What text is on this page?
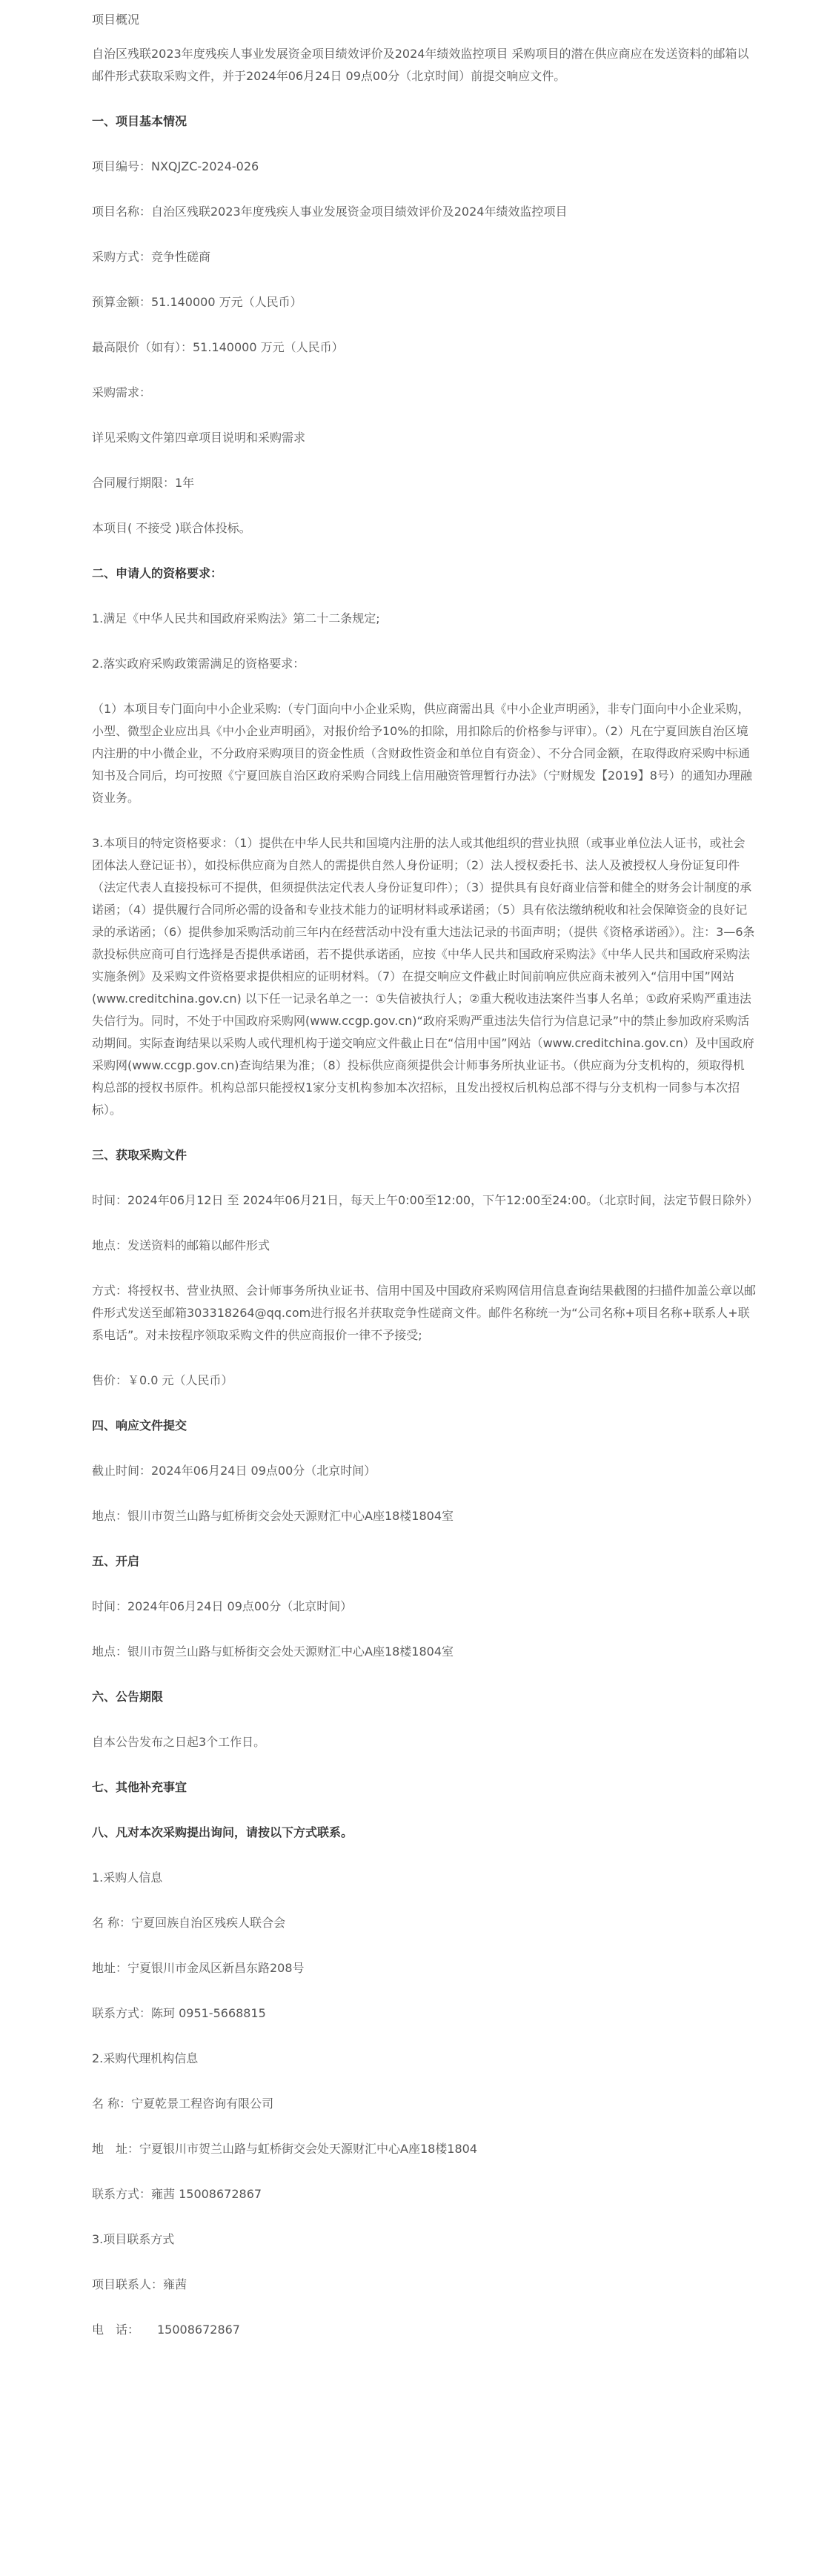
项目概况

自治区残联2023年度残疾人事业发展资金项目绩效评价及2024年绩效监控项目 采购项目的潜在供应商应在发送资料的邮箱以邮件形式获取采购文件，并于2024年06月24日 09点00分（北京时间）前提交响应文件。

一、项目基本情况

项目编号：NXQJZC-2024-026

项目名称：自治区残联2023年度残疾人事业发展资金项目绩效评价及2024年绩效监控项目

采购方式：竞争性磋商

预算金额：51.140000 万元（人民币）

最高限价（如有）：51.140000 万元（人民币）

采购需求：

详见采购文件第四章项目说明和采购需求

合同履行期限：1年

本项目( 不接受 )联合体投标。

二、申请人的资格要求：

1.满足《中华人民共和国政府采购法》第二十二条规定;

2.落实政府采购政策需满足的资格要求：

（1）本项目专门面向中小企业采购:（专门面向中小企业采购，供应商需出具《中小企业声明函》，非专门面向中小企业采购，小型、微型企业应出具《中小企业声明函》，对报价给予10%的扣除，用扣除后的价格参与评审）。（2）凡在宁夏回族自治区境内注册的中小微企业，不分政府采购项目的资金性质（含财政性资金和单位自有资金）、不分合同金额，在取得政府采购中标通知书及合同后，均可按照《宁夏回族自治区政府采购合同线上信用融资管理暂行办法》（宁财规发【2019】8号）的通知办理融资业务。

3.本项目的特定资格要求：（1）提供在中华人民共和国境内注册的法人或其他组织的营业执照（或事业单位法人证书，或社会团体法人登记证书），如投标供应商为自然人的需提供自然人身份证明；（2）法人授权委托书、法人及被授权人身份证复印件（法定代表人直接投标可不提供，但须提供法定代表人身份证复印件）；（3）提供具有良好商业信誉和健全的财务会计制度的承诺函；（4）提供履行合同所必需的设备和专业技术能力的证明材料或承诺函；（5）具有依法缴纳税收和社会保障资金的良好记录的承诺函；（6）提供参加采购活动前三年内在经营活动中没有重大违法记录的书面声明；（提供《资格承诺函》）。注：3—6条款投标供应商可自行选择是否提供承诺函，若不提供承诺函，应按《中华人民共和国政府采购法》《中华人民共和国政府采购法实施条例》及采购文件资格要求提供相应的证明材料。（7）在提交响应文件截止时间前响应供应商未被列入“信用中国”网站(www.creditchina.gov.cn) 以下任一记录名单之一：①失信被执行人；②重大税收违法案件当事人名单；①政府采购严重违法失信行为。同时，不处于中国政府采购网(www.ccgp.gov.cn)“政府采购严重违法失信行为信息记录”中的禁止参加政府采购活动期间。实际查询结果以采购人或代理机构于递交响应文件截止日在“信用中国”网站（www.creditchina.gov.cn）及中国政府采购网(www.ccgp.gov.cn)查询结果为准；（8）投标供应商须提供会计师事务所执业证书。（供应商为分支机构的，须取得机构总部的授权书原件。机构总部只能授权1家分支机构参加本次招标，且发出授权后机构总部不得与分支机构一同参与本次招标）。

三、获取采购文件

时间：2024年06月12日 至 2024年06月21日，每天上午0:00至12:00，下午12:00至24:00。（北京时间，法定节假日除外）

地点：发送资料的邮箱以邮件形式

方式：将授权书、营业执照、会计师事务所执业证书、信用中国及中国政府采购网信用信息查询结果截图的扫描件加盖公章以邮件形式发送至邮箱303318264@qq.com进行报名并获取竞争性磋商文件。邮件名称统一为“公司名称+项目名称+联系人+联系电话”。对未按程序领取采购文件的供应商报价一律不予接受;

售价：￥0.0 元（人民币）

四、响应文件提交

截止时间：2024年06月24日 09点00分（北京时间）

地点：银川市贺兰山路与虹桥街交会处天源财汇中心A座18楼1804室

五、开启

时间：2024年06月24日 09点00分（北京时间）

地点：银川市贺兰山路与虹桥街交会处天源财汇中心A座18楼1804室

六、公告期限

自本公告发布之日起3个工作日。

七、其他补充事宜

八、凡对本次采购提出询问，请按以下方式联系。

1.采购人信息

名 称：宁夏回族自治区残疾人联合会

地址：宁夏银川市金凤区新昌东路208号

联系方式：陈珂 0951-5668815

2.采购代理机构信息

名 称：宁夏乾景工程咨询有限公司

地　址：宁夏银川市贺兰山路与虹桥街交会处天源财汇中心A座18楼1804

联系方式：雍茜 15008672867

3.项目联系方式

项目联系人：雍茜

电　话：　　15008672867
